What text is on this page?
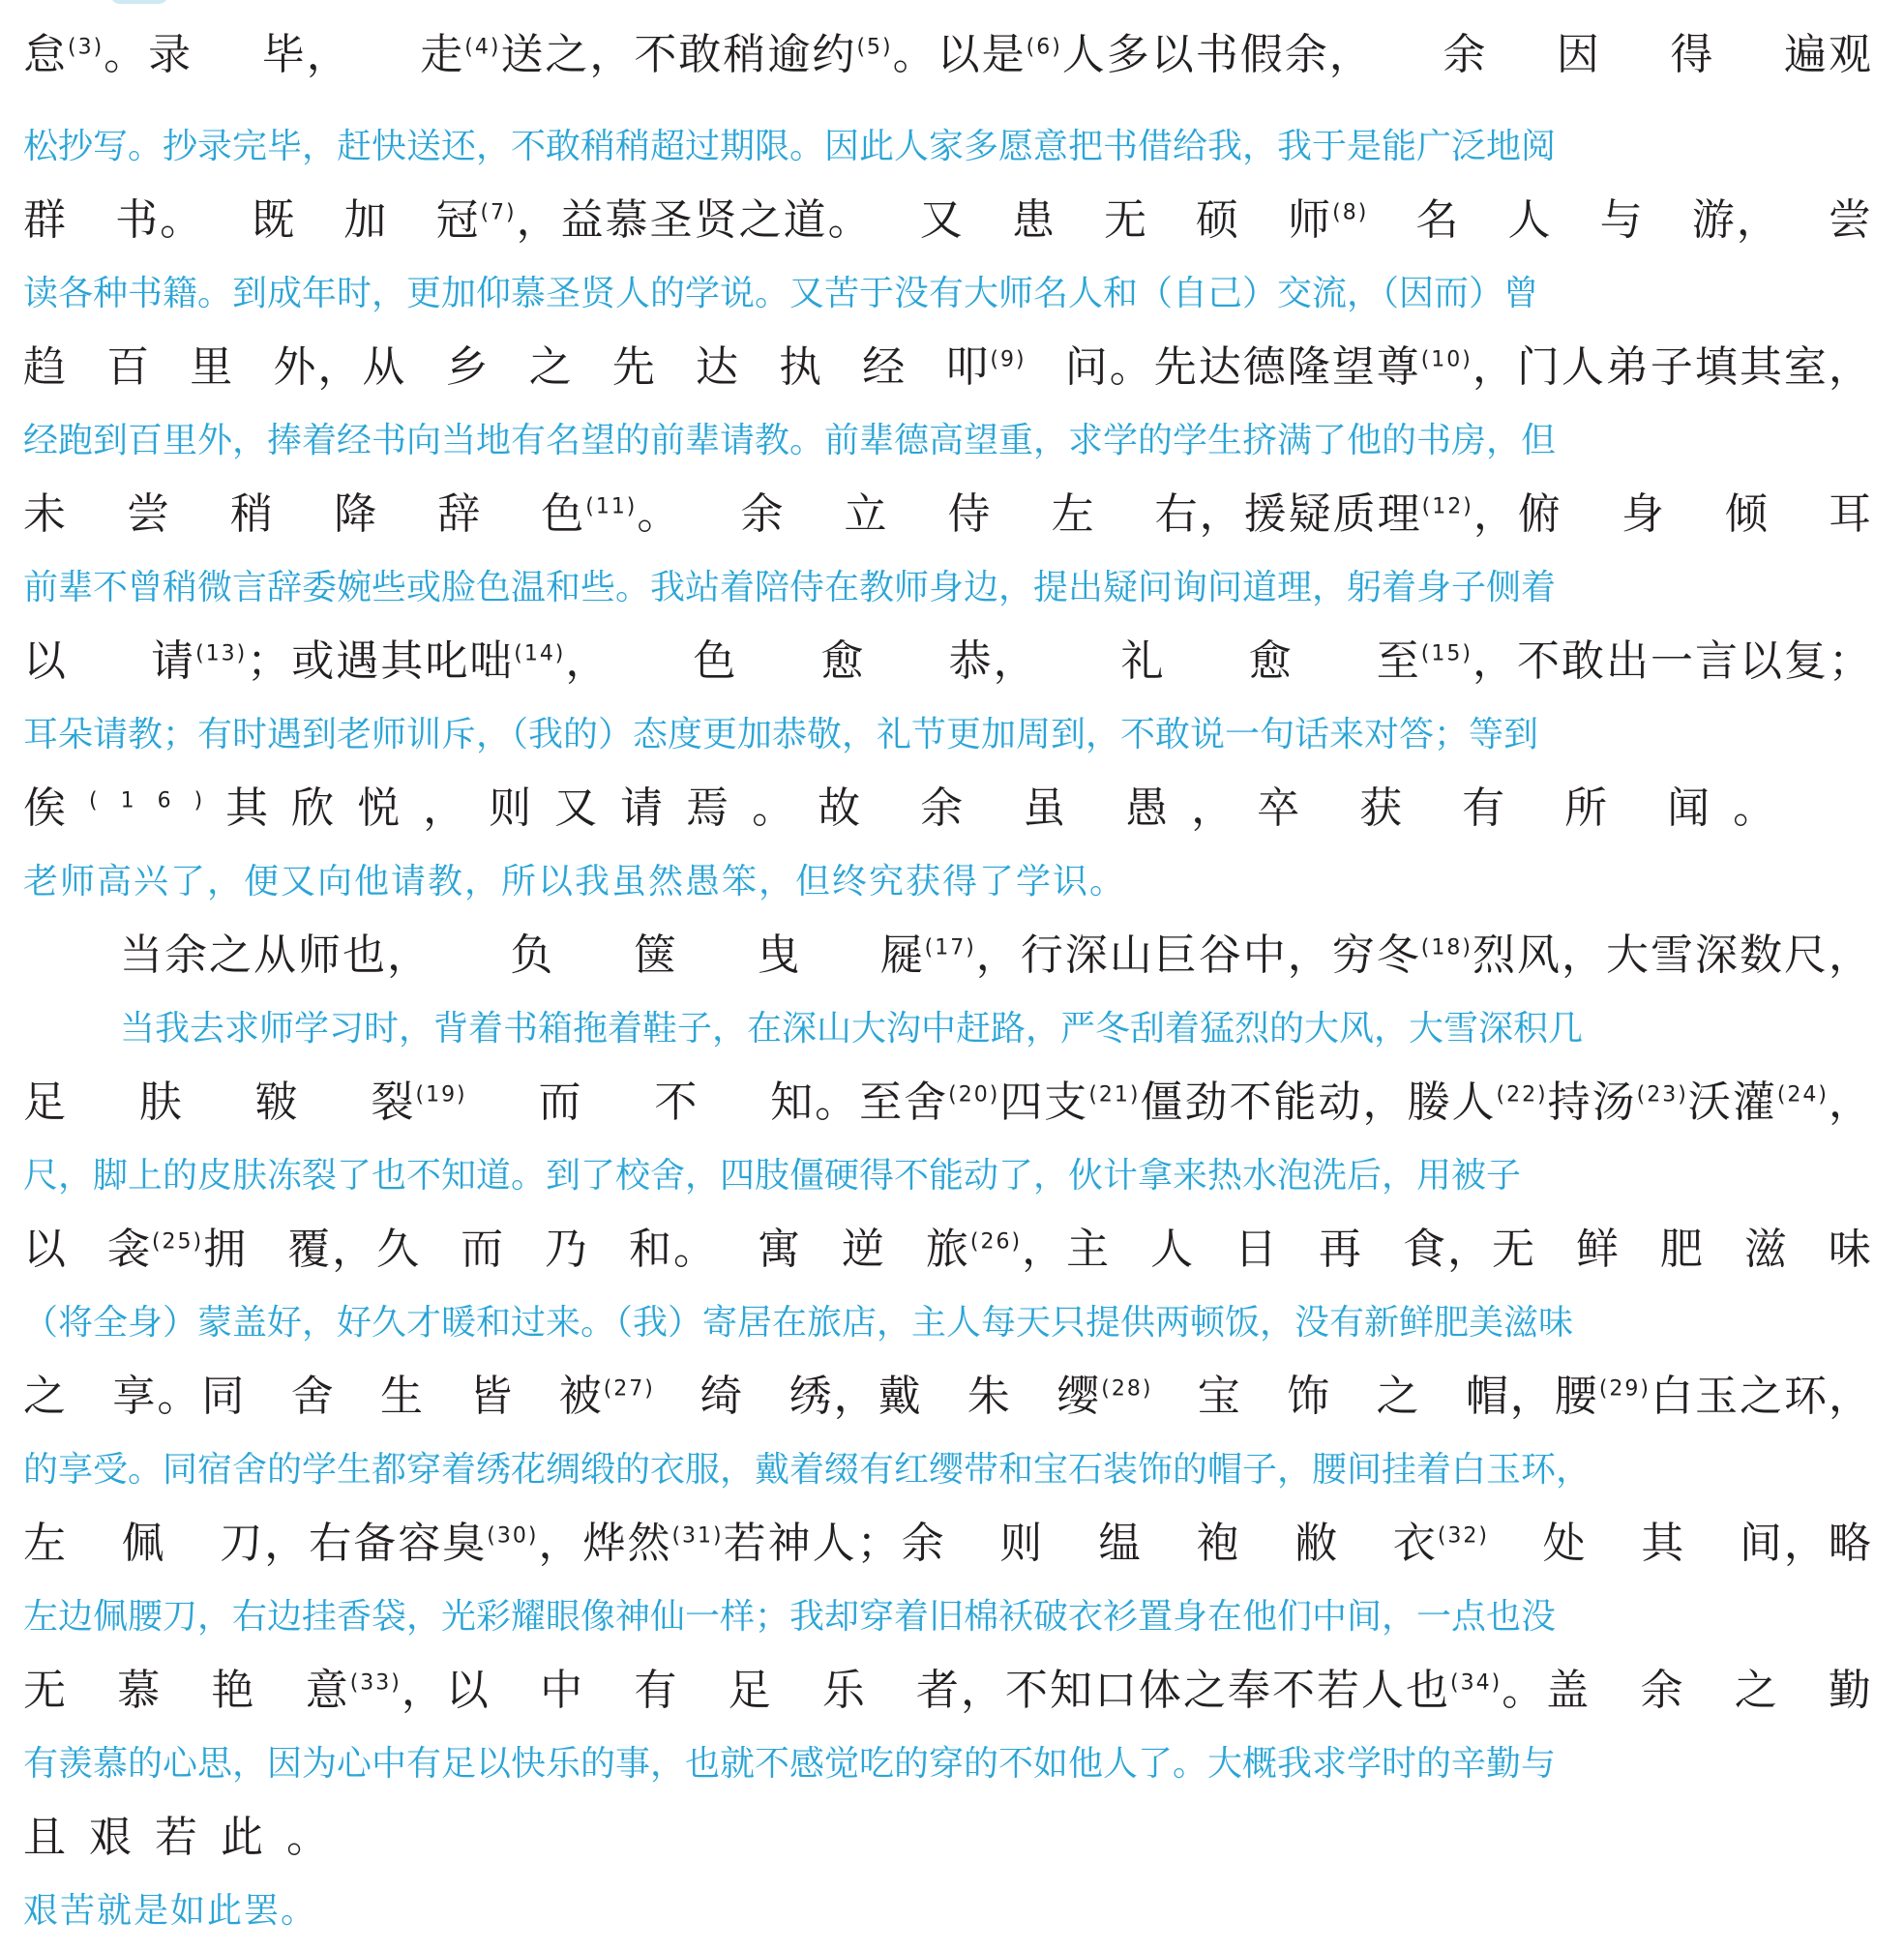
怠$^{(3)}$。录 毕， 走$^{(4)}$送之，不敢稍逾约$^{(5)}$。以是$^{(6)}$人多以书假余， 余 因 得 遍观
松抄写。抄录完毕，赶快送还，不敢稍稍超过期限。因此人家多愿意把书借给我，我于是能广泛地阅
群 书。 既 加 冠$^{(7)}$，益慕圣贤之道。 又 患 无 硕 师$^{(8)}$ 名 人 与 游， 尝
读各种书籍。到成年时，更加仰慕圣贤人的学说。又苦于没有大师名人和（自己）交流，（因而）曾
趋 百 里 外，从 乡 之 先 达 执 经 叩$^{(9)}$ 问。先达德隆望尊$^{(10)}$，门人弟子填其室，
经跑到百里外，捧着经书向当地有名望的前辈请教。前辈德高望重，求学的学生挤满了他的书房，但
未 尝 稍 降 辞 色$^{(11)}$。 余 立 侍 左 右，援疑质理$^{(12)}$，俯 身 倾 耳
前辈不曾稍微言辞委婉些或脸色温和些。我站着陪侍在教师身边，提出疑问询问道理，躬着身子侧着
以 请$^{(13)}$；或遇其叱咄$^{(14)}$， 色 愈 恭， 礼 愈 至$^{(15)}$，不敢出一言以复；
耳朵请教；有时遇到老师训斥，（我的）态度更加恭敬，礼节更加周到，不敢说一句话来对答；等到
俟$^{(16)}$其欣悦，则又请焉。故 余 虽 愚，卒 获 有 所 闻。
老师高兴了，便又向他请教，所以我虽然愚笨，但终究获得了学识。
当余之从师也， 负 箧 曳 屣$^{(17)}$，行深山巨谷中，穷冬$^{(18)}$烈风，大雪深数尺，
当我去求师学习时，背着书箱拖着鞋子，在深山大沟中赶路，严冬刮着猛烈的大风，大雪深积几
足 肤 皲 裂$^{(19)}$ 而 不 知。至舍$^{(20)}$四支$^{(21)}$僵劲不能动，媵人$^{(22)}$持汤$^{(23)}$沃灌$^{(24)}$，
尺，脚上的皮肤冻裂了也不知道。到了校舍，四肢僵硬得不能动了，伙计拿来热水泡洗后，用被子
以 衾$^{(25)}$拥 覆，久 而 乃 和。 寓 逆 旅$^{(26)}$，主 人 日 再 食，无 鲜 肥 滋 味
（将全身）蒙盖好，好久才暖和过来。（我）寄居在旅店，主人每天只提供两顿饭，没有新鲜肥美滋味
之 享。同 舍 生 皆 被$^{(27)}$ 绮 绣，戴 朱 缨$^{(28)}$ 宝 饰 之 帽，腰$^{(29)}$白玉之环，
的享受。同宿舍的学生都穿着绣花绸缎的衣服，戴着缀有红缨带和宝石装饰的帽子，腰间挂着白玉环，
左 佩 刀，右备容臭$^{(30)}$，烨然$^{(31)}$若神人；余 则 缊 袍 敝 衣$^{(32)}$ 处 其 间，略
左边佩腰刀，右边挂香袋，光彩耀眼像神仙一样；我却穿着旧棉袄破衣衫置身在他们中间，一点也没
无 慕 艳 意$^{(33)}$，以 中 有 足 乐 者，不知口体之奉不若人也$^{(34)}$。盖 余 之 勤
有羡慕的心思，因为心中有足以快乐的事，也就不感觉吃的穿的不如他人了。大概我求学时的辛勤与
且艰若此。
艰苦就是如此罢。
